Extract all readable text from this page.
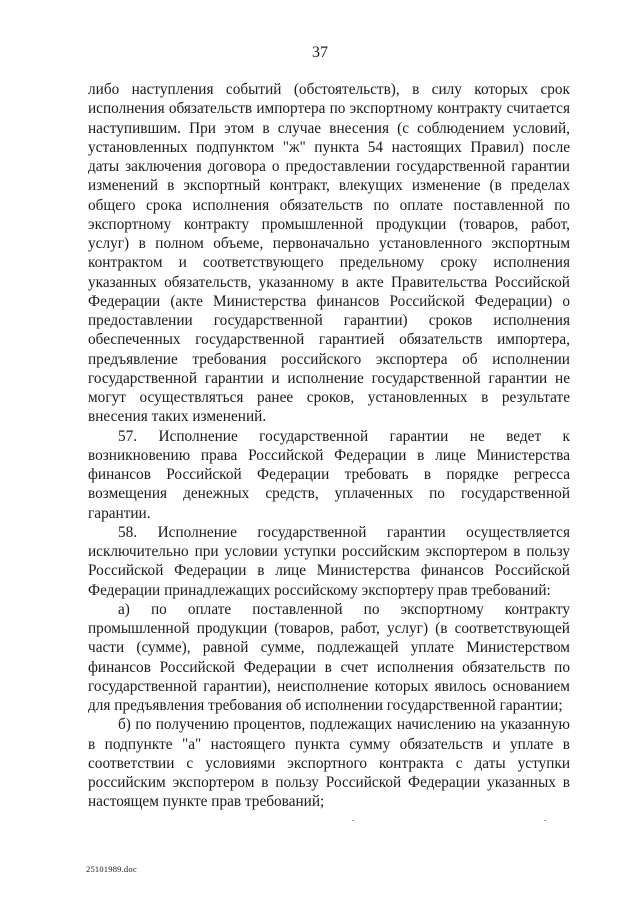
37

либо наступления событий (обстоятельств), в силу которых срок исполнения обязательств импортера по экспортному контракту считается наступившим. При этом в случае внесения (с соблюдением условий, установленных подпунктом "ж" пункта 54 настоящих Правил) после даты заключения договора о предоставлении государственной гарантии изменений в экспортный контракт, влекущих изменение (в пределах общего срока исполнения обязательств по оплате поставленной по экспортному контракту промышленной продукции (товаров, работ, услуг) в полном объеме, первоначально установленного экспортным контрактом и соответствующего предельному сроку исполнения указанных обязательств, указанному в акте Правительства Российской Федерации (акте Министерства финансов Российской Федерации) о предоставлении государственной гарантии) сроков исполнения обеспеченных государственной гарантией обязательств импортера, предъявление требования российского экспортера об исполнении государственной гарантии и исполнение государственной гарантии не могут осуществляться ранее сроков, установленных в результате внесения таких изменений.

57. Исполнение государственной гарантии не ведет к возникновению права Российской Федерации в лице Министерства финансов Российской Федерации требовать в порядке регресса возмещения денежных средств, уплаченных по государственной гарантии.

58. Исполнение государственной гарантии осуществляется исключительно при условии уступки российским экспортером в пользу Российской Федерации в лице Министерства финансов Российской Федерации принадлежащих российскому экспортеру прав требований:

а) по оплате поставленной по экспортному контракту промышленной продукции (товаров, работ, услуг) (в соответствующей части (сумме), равной сумме, подлежащей уплате Министерством финансов Российской Федерации в счет исполнения обязательств по государственной гарантии), неисполнение которых явилось основанием для предъявления требования об исполнении государственной гарантии;

б) по получению процентов, подлежащих начислению на указанную в подпункте "а" настоящего пункта сумму обязательств и уплате в соответствии с условиями экспортного контракта с даты уступки российским экспортером в пользу Российской Федерации указанных в настоящем пункте прав требований;

25101989.doc
